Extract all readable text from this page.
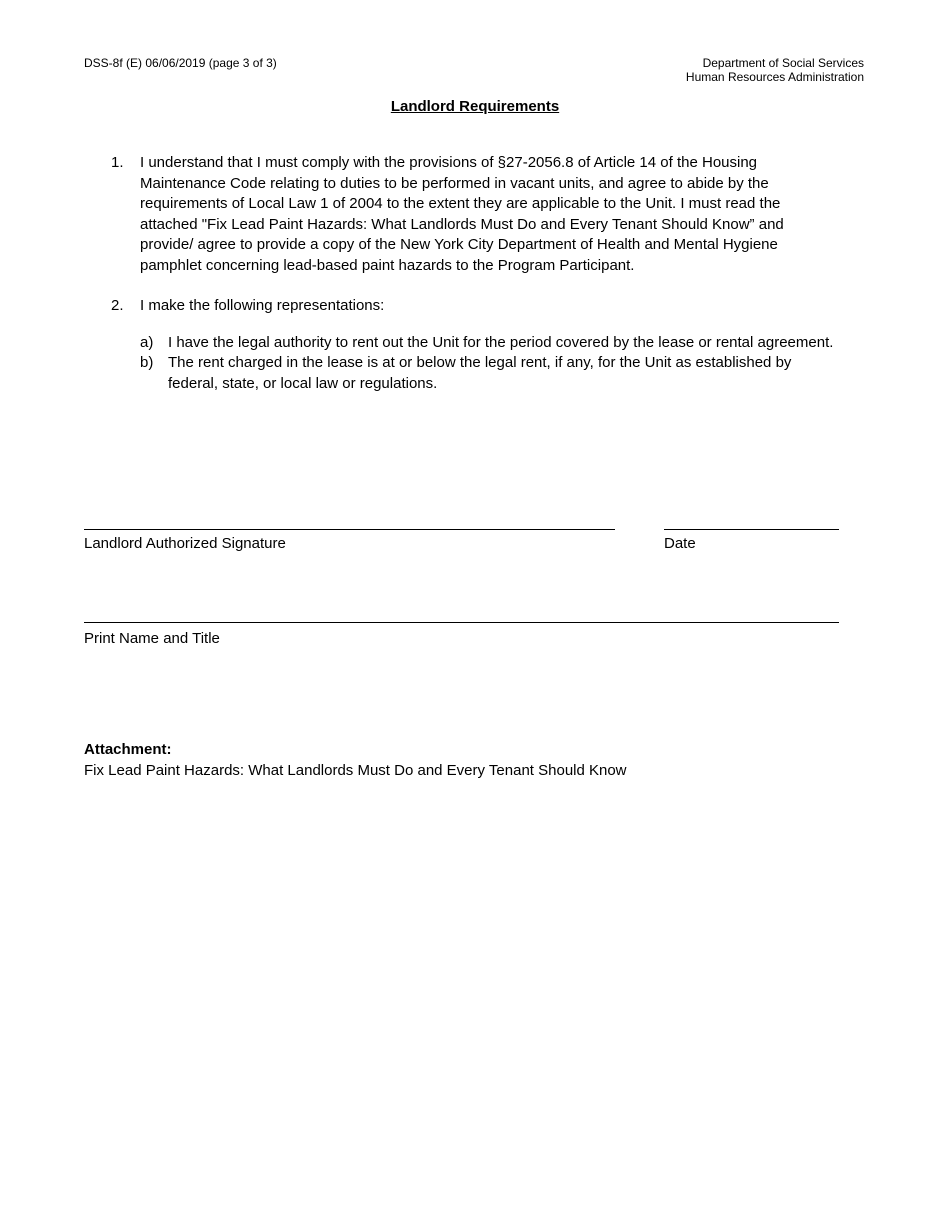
DSS-8f (E) 06/06/2019 (page 3 of 3)	Department of Social Services
Human Resources Administration
Landlord Requirements
1. I understand that I must comply with the provisions of §27-2056.8 of Article 14 of the Housing Maintenance Code relating to duties to be performed in vacant units, and agree to abide by the requirements of Local Law 1 of 2004 to the extent they are applicable to the Unit. I must read the attached "Fix Lead Paint Hazards: What Landlords Must Do and Every Tenant Should Know” and provide/ agree to provide a copy of the New York City Department of Health and Mental Hygiene pamphlet concerning lead-based paint hazards to the Program Participant.
2. I make the following representations:
a) I have the legal authority to rent out the Unit for the period covered by the lease or rental agreement.
b) The rent charged in the lease is at or below the legal rent, if any, for the Unit as established by federal, state, or local law or regulations.
Landlord Authorized Signature	Date
Print Name and Title
Attachment:
Fix Lead Paint Hazards: What Landlords Must Do and Every Tenant Should Know
